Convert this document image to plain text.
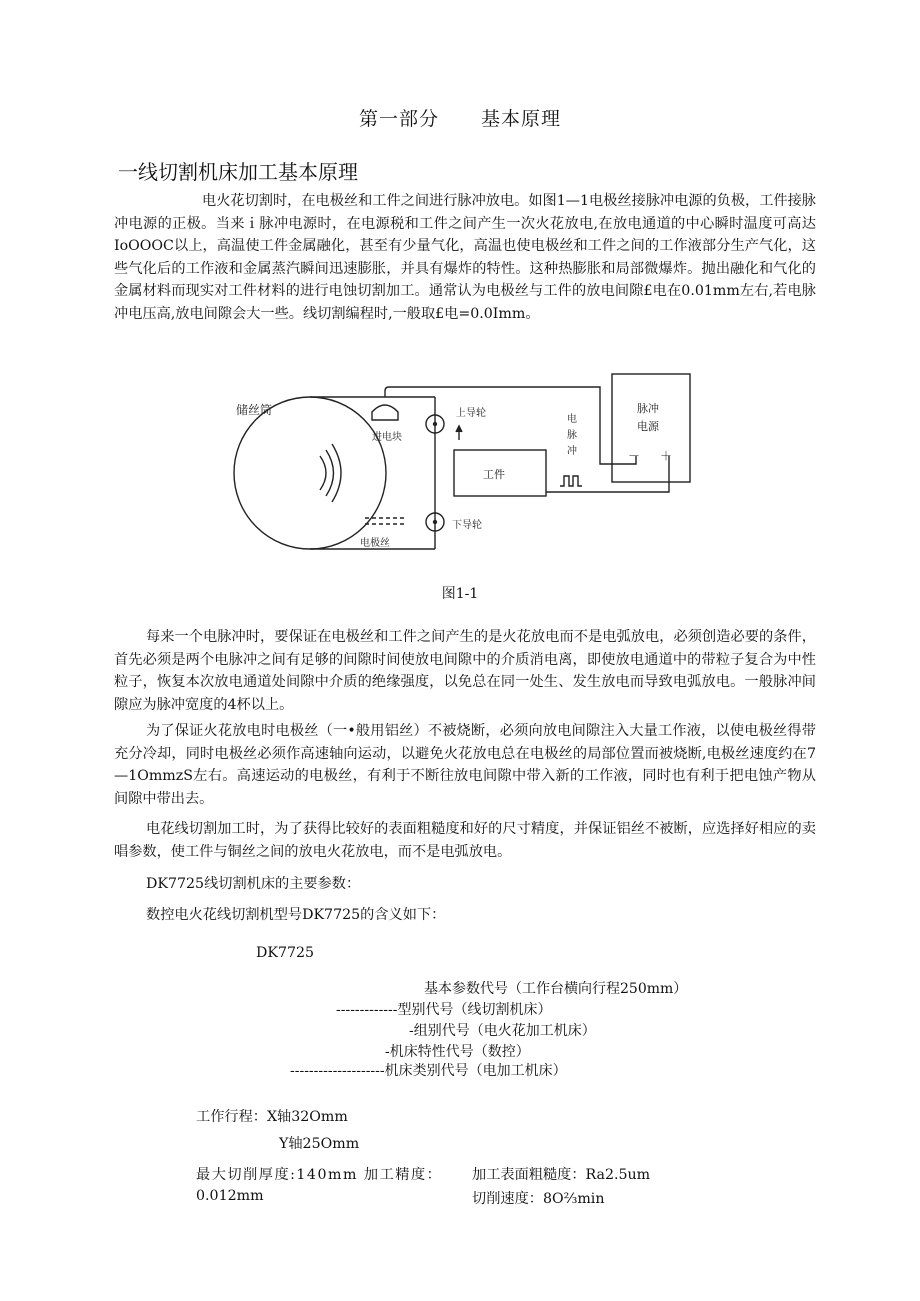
第一部分 基本原理
一线切割机床加工基本原理
电火花切割时，在电极丝和工件之间进行脉冲放电。如图1—1电极丝接脉冲电源的负极，工件接脉冲电源的正极。当来ｉ脉冲电源时，在电源税和工件之间产生一次火花放电,在放电通道的中心瞬时温度可高达IoOOOC以上，高温使工件金属融化，甚至有少量气化，高温也使电极丝和工件之间的工作液部分生产气化，这些气化后的工作液和金属蒸汽瞬间迅速膨胀，并具有爆炸的特性。这种热膨胀和局部微爆炸。抛出融化和气化的金属材料而现实对工件材料的进行电蚀切割加工。通常认为电极丝与工件的放电间隙£电在0.01mm左右,若电脉冲电压高,放电间隙会大一些。线切割编程时,一般取£电=0.0Imm。
储丝筒
进电块
上导轮
下导轮
电极丝
工件
电
脉
冲
脉冲
电源
－ ＋
图1-1
每来一个电脉冲时，要保证在电极丝和工件之间产生的是火花放电而不是电弧放电，必须创造必要的条件，首先必须是两个电脉冲之间有足够的间隙时间使放电间隙中的介质消电离，即使放电通道中的带粒子复合为中性粒子，恢复本次放电通道处间隙中介质的绝缘强度，以免总在同一处生、发生放电而导致电弧放电。一般脉冲间隙应为脉冲宽度的4杯以上。
为了保证火花放电时电极丝（一•般用铝丝）不被烧断，必须向放电间隙注入大量工作液，以使电极丝得带充分冷却，同时电极丝必须作高速轴向运动，以避免火花放电总在电极丝的局部位置而被烧断,电极丝速度约在7—1OmmzS左右。高速运动的电极丝，有利于不断往放电间隙中带入新的工作液，同时也有利于把电蚀产物从间隙中带出去。
电花线切割加工时，为了获得比较好的表面粗糙度和好的尺寸精度，并保证铝丝不被断，应选择好相应的卖唱参数，使工件与铜丝之间的放电火花放电，而不是电弧放电。
DK7725线切割机床的主要参数：
数控电火花线切割机型号DK7725的含义如下：
DK7725
基本参数代号（工作台横向行程250mm）
-------------型别代号（线切割机床）
-组别代号（电火花加工机床）
-机床特性代号（数控）
--------------------机床类别代号（电加工机床）
工作行程：X轴32Omm
Y轴25Omm
最大切削厚度:140mm 加工精度：
0.012mm
加工表面粗糙度：Ra2.5um
切削速度：8O⅔min
